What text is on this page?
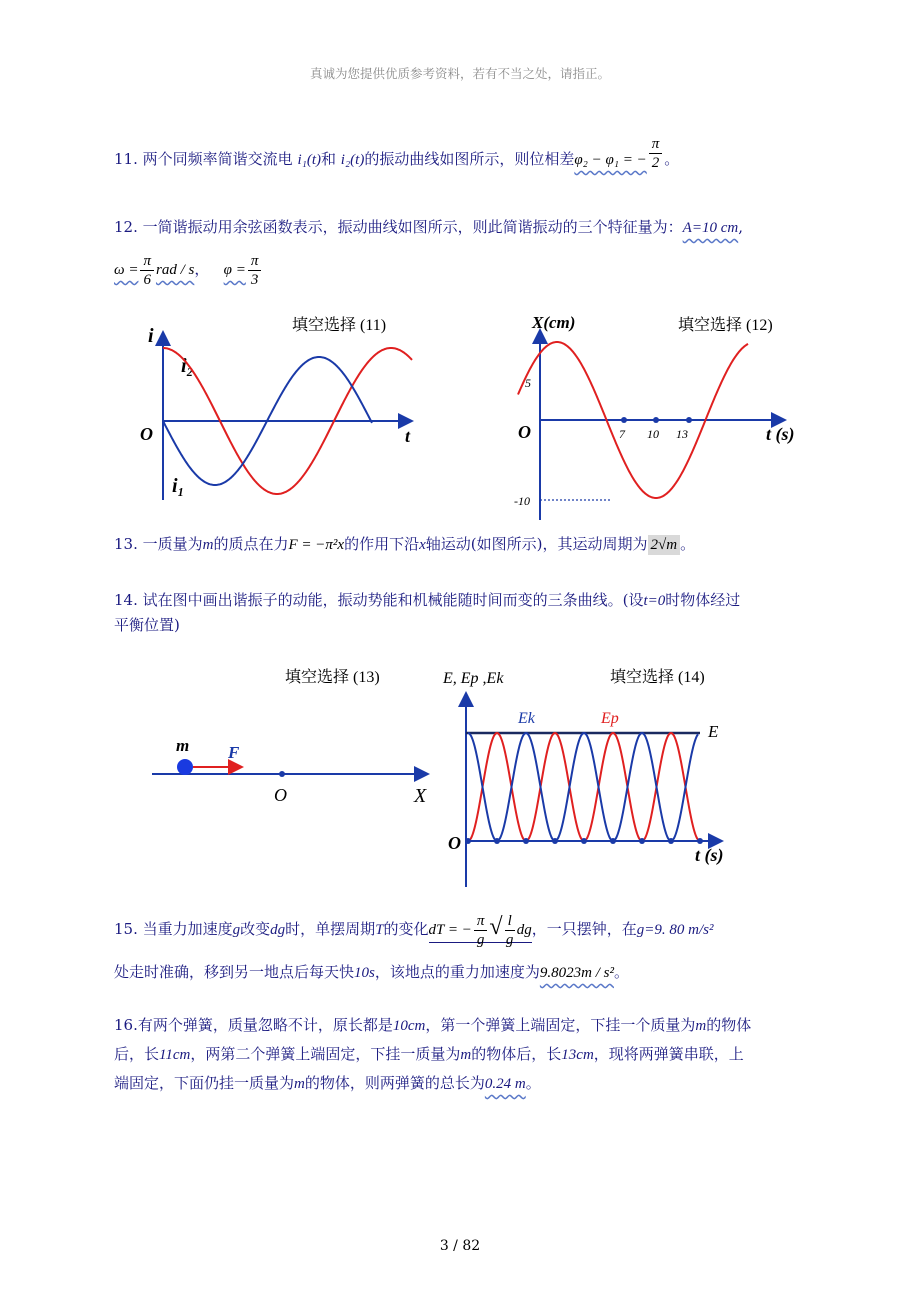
真诚为您提供优质参考资料，若有不当之处，请指正。
11. 两个同频率简谐交流电 i₁(t)和 i₂(t)的振动曲线如图所示，则位相差φ₂ − φ₁ = − $\frac{\pi}{2}$ 。
12. 一简谐振动用余弦函数表示，振动曲线如图所示，则此简谐振动的三个特征量为：A=10 cm,
$\omega = \frac{\pi}{6}$ rad / s， $\varphi = \frac{\pi}{3}$
填空选择 (11)
i
O	t
i₂
i₁
填空选择 (12)
X(cm)
O	t (s)
5
-10
7 10 13
13. 一质量为m的质点在力F = −π²x的作用下沿x轴运动(如图所示)，其运动周期为 2√m 。
14. 试在图中画出谐振子的动能，振动势能和机械能随时间而变的三条曲线。(设t=0时物体经过
平衡位置)
填空选择 (13)
m F
O	X
填空选择 (14)
E, Ep ,Ek
Ek	Ep
E
O
t (s)
15. 当重力加速度g改变dg时，单摆周期T的变化dT = − $\frac{\pi}{g}$ √ $\frac{l}{g}$ dg，一只摆钟，在g=9. 80 m/s²
处走时准确，移到另一地点后每天快10s，该地点的重力加速度为9.8023m / s²。
16.有两个弹簧，质量忽略不计，原长都是10cm，第一个弹簧上端固定，下挂一个质量为m的物体
后，长11cm，两第二个弹簧上端固定，下挂一质量为m的物体后，长13cm，现将两弹簧串联，上
端固定，下面仍挂一质量为m的物体，则两弹簧的总长为0.24 m。
3 / 82
